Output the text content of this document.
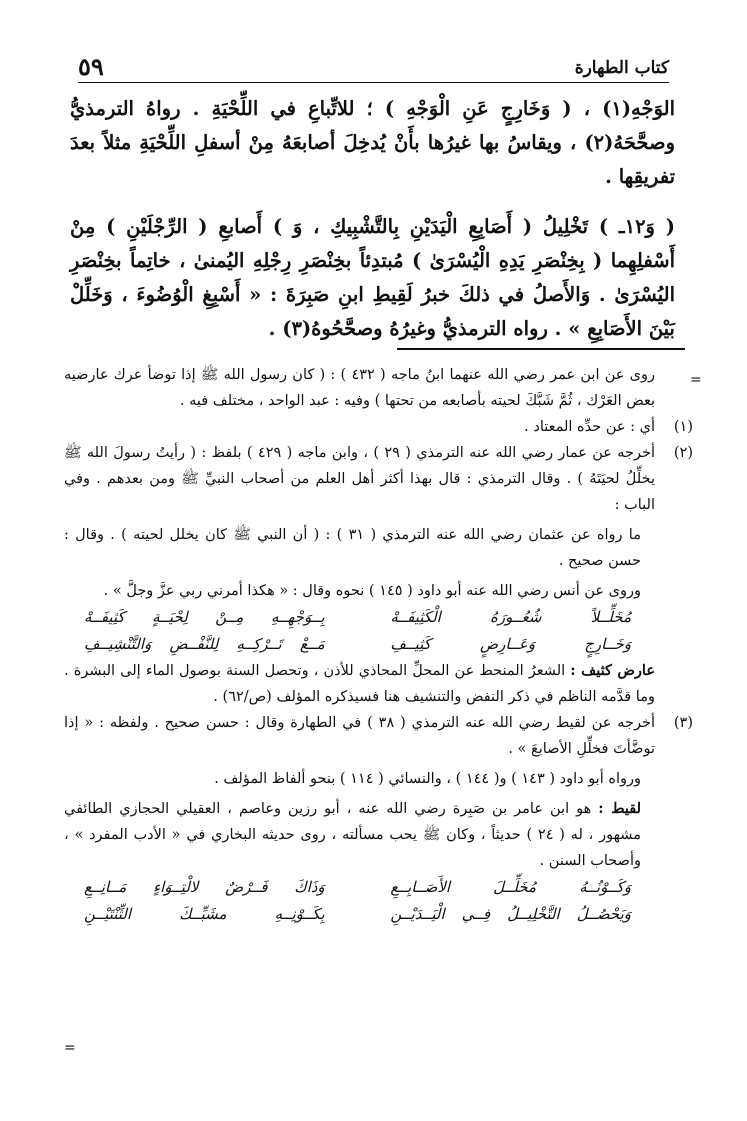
كتاب الطهارة
٥٩

الوَجْهِ(١) ، ( وَخَارِجٍ عَنِ الْوَجْهِ ) ؛ للاتِّباعِ في اللِّحْيَةِ . رواهُ الترمذيُّ وصحَّحَهُ(٢) ، ويقاسُ بها غيرُها بأَنْ يُدخِلَ أصابعَهُ مِنْ أسفلِ اللِّحْيَةِ مثلاً بعدَ تفريقِها .

( وَ١٢ـ ) تَخْلِيلُ ( أَصَابِعِ الْيَدَيْنِ بِالتَّشْبِيكِ ، وَ ) أَصابعِ ( الرِّجْلَيْنِ ) مِنْ أَسْفلِهِما ( بِخِنْصَرِ يَدِهِ الْيُسْرَىٰ ) مُبتدِئاً بخِنْصَرِ رِجْلِهِ اليُمنىٰ ، خاتِماً بخِنْصَرِ اليُسْرَىٰ . وَالأَصلُ في ذلكَ خبرُ لَقِيطِ ابنِ صَبِرَةَ : « أَسْبِغِ الْوُضُوءَ ، وَخَلِّلْ بَيْنَ الأَصَابِعِ » . رواه الترمذيُّ وغيرُهُ وصحَّحُوهُ(٣) .

=

روى عن ابن عمر رضي الله عنهما ابنُ ماجه ( ٤٣٢ ) : ( كان رسول الله ﷺ إذا توضأ عرك عارضيه بعض العَرْك ، ثُمَّ شَبَّكَ لحيته بأصابعه من تحتها ) وفيه : عبد الواحد ، مختلف فيه .

(١)

أي : عن حدِّه المعتاد .

(٢)

أخرجه عن عمار رضي الله عنه الترمذي ( ٢٩ ) ، وابن ماجه ( ٤٢٩ ) بلفظ : ( رأيتُ رسولَ الله ﷺ يخلِّلُ لحيَتَهُ ) . وقال الترمذي : قال بهذا أكثر أهل العلم من أصحاب النبيِّ ﷺ ومن بعدهم . وفي الباب :

ما رواه عن عثمان رضي الله عنه الترمذي ( ٣١ ) : ( أن النبي ﷺ كان يخلل لحيته ) . وقال : حسن صحيح .

وروى عن أنس رضي الله عنه أبو داود ( ١٤٥ ) نحوه وقال : « هكذا أمرني ربي عزَّ وجلَّ » .

مُخَلِّــلاً شُعُــورَهُ الْكَثِيفَــهْ
بِــوَجْهِــهِ مِــنْ لِحْيَــةٍ كَثِيفَــهْ
وَخَــارِجٍ وَعَــارِضٍ كَثِيــفِ
مَــعْ تَــرْكِــهِ لِلنَّفْــضِ وَالتَّنْشِيــفِ

عارض كثيف : الشعرُ المنحط عن المحلِّ المحاذي للأذن ، وتحصل السنة بوصول الماء إلى البشرة . وما قدَّمه الناظم في ذكر النفض والتنشيف هنا فسيذكره المؤلف (ص/٦٢) .

(٣)

أخرجه عن لقيط رضي الله عنه الترمذي ( ٣٨ ) في الطهارة وقال : حسن صحيح . ولفظه : « إذا توضَّأتَ فخلِّلِ الأصابعَ » .

ورواه أبو داود ( ١٤٣ ) و( ١٤٤ ) ، والنسائي ( ١١٤ ) بنحو ألفاظ المؤلف .

لقيط : هو ابن عامر بن صَبِرة رضي الله عنه ، أبو رزين وعاصم ، العقيلي الحجازي الطائفي مشهور ، له ( ٢٤ ) حديثاً ، وكان ﷺ يحب مسألته ، روى حديثه البخاري في « الأدب المفرد » ، وأصحاب السنن .

وَكَــوْنُــهُ مُخَلِّــلَ الأَصَــابِــعِ
وَذَاكَ فَــرْضٌ لالْتِــوَاءٍ مَــانِــعِ
وَيَحْصُــلُ التَّخْلِيــلُ فِــي الْيَــدَيْــنِ
بِكَــوْنِــهِ مشَبِّــكَ الثِّنْتَيْــنِ
=
